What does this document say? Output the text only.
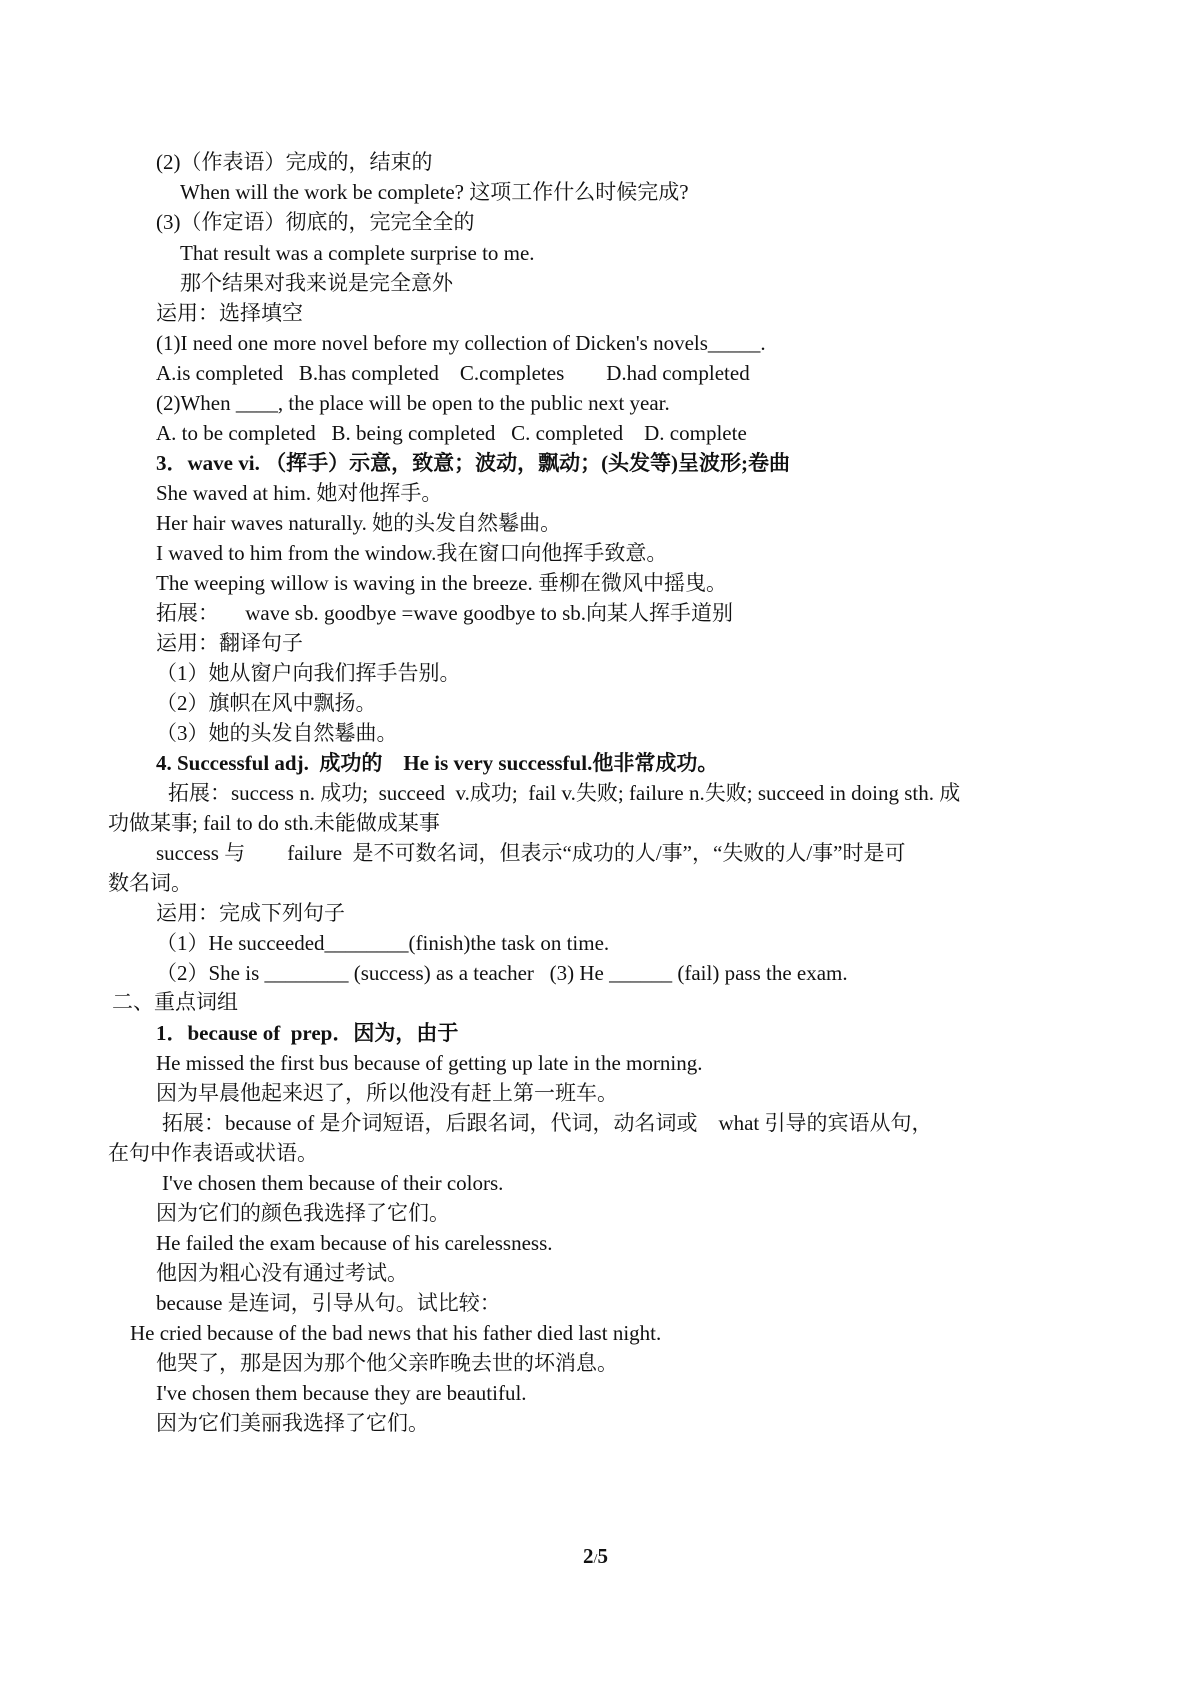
(2)（作表语）完成的，结束的
When will the work be complete? 这项工作什么时候完成?
(3)（作定语）彻底的，完完全全的
That result was a complete surprise to me.
那个结果对我来说是完全意外
运用：选择填空
(1)I need one more novel before my collection of Dicken's novels_____.
A.is completed   B.has completed    C.completes        D.had completed
(2)When ____, the place will be open to the public next year.
A. to be completed   B. being completed   C. completed    D. complete
3．wave vi. （挥手）示意，致意；波动，飘动；(头发等)呈波形;卷曲
She waved at him. 她对他挥手。
Her hair waves naturally. 她的头发自然鬈曲。
I waved to him from the window.我在窗口向他挥手致意。
The weeping willow is waving in the breeze. 垂柳在微风中摇曳。
拓展：     wave sb. goodbye =wave goodbye to sb.向某人挥手道别
运用：翻译句子
（1）她从窗户向我们挥手告别。
（2）旗帜在风中飘扬。
（3）她的头发自然鬈曲。
4. Successful adj.  成功的    He is very successful.他非常成功。
拓展：success n. 成功;  succeed  v.成功;  fail v.失败; failure n.失败; succeed in doing sth. 成
功做某事; fail to do sth.未能做成某事
success 与        failure  是不可数名词，但表示“成功的人/事”，“失败的人/事”时是可
数名词。
运用：完成下列句子
（1）He succeeded________(finish)the task on time.
（2）She is ________ (success) as a teacher   (3) He ______ (fail) pass the exam.
二、重点词组
1．because of  prep．因为，由于
He missed the first bus because of getting up late in the morning.
因为早晨他起来迟了，所以他没有赶上第一班车。
拓展：because of 是介词短语，后跟名词，代词，动名词或    what 引导的宾语从句，
在句中作表语或状语。
I've chosen them because of their colors.
因为它们的颜色我选择了它们。
He failed the exam because of his carelessness.
他因为粗心没有通过考试。
because 是连词，引导从句。试比较：
He cried because of the bad news that his father died last night.
他哭了，那是因为那个他父亲昨晚去世的坏消息。
I've chosen them because they are beautiful.
因为它们美丽我选择了它们。
2/5
